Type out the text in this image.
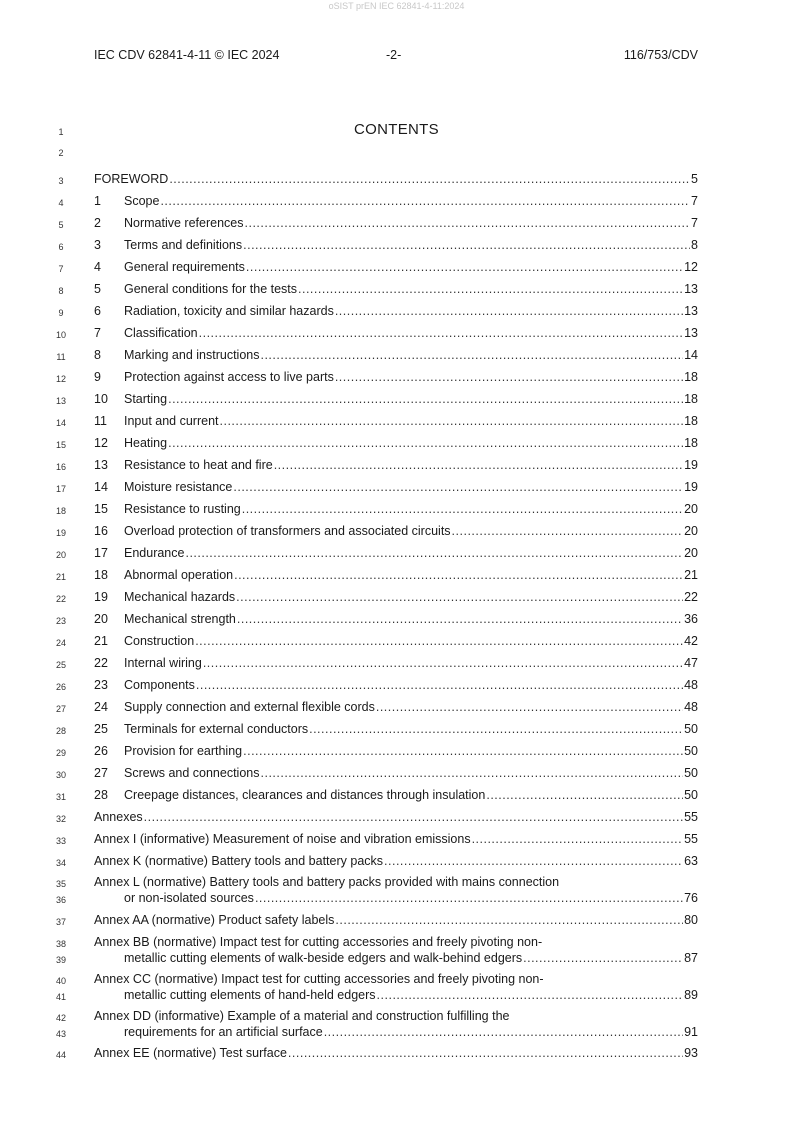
oSIST prEN IEC 62841-4-11:2024
IEC CDV 62841-4-11 © IEC 2024	-2-	116/753/CDV
CONTENTS
1
2
3
4
5
6
7
8
9
10
11
12
13
14
15
16
17
18
19
20
21
22
23
24
25
26
27
28
29
30
31
32
33
34
35
36
37
38
39
40
41
42
43
44
FOREWORD .....	5
1	Scope .....	7
2	Normative references .....	7
3	Terms and definitions .....	8
4	General requirements .....	12
5	General conditions for the tests .....	13
6	Radiation, toxicity and similar hazards .....	13
7	Classification .....	13
8	Marking and instructions .....	14
9	Protection against access to live parts .....	18
10	Starting .....	18
11	Input and current .....	18
12	Heating .....	18
13	Resistance to heat and fire .....	19
14	Moisture resistance .....	19
15	Resistance to rusting .....	20
16	Overload protection of transformers and associated circuits .....	20
17	Endurance .....	20
18	Abnormal operation .....	21
19	Mechanical hazards .....	22
20	Mechanical strength .....	36
21	Construction .....	42
22	Internal wiring .....	47
23	Components .....	48
24	Supply connection and external flexible cords .....	48
25	Terminals for external conductors .....	50
26	Provision for earthing .....	50
27	Screws and connections .....	50
28	Creepage distances, clearances and distances through insulation .....	50
Annexes .....	55
Annex I (informative) Measurement of noise and vibration emissions .....	55
Annex K (normative) Battery tools and battery packs .....	63
Annex L (normative) Battery tools and battery packs provided with mains connection
or non-isolated sources .....	76
Annex AA (normative) Product safety labels .....	80
Annex BB (normative) Impact test for cutting accessories and freely pivoting non-
metallic cutting elements of walk-beside edgers and walk-behind edgers .....	87
Annex CC (normative) Impact test for cutting accessories and freely pivoting non-
metallic cutting elements of hand-held edgers .....	89
Annex DD (informative) Example of a material and construction fulfilling the
requirements for an artificial surface .....	91
Annex EE (normative) Test surface .....	93
